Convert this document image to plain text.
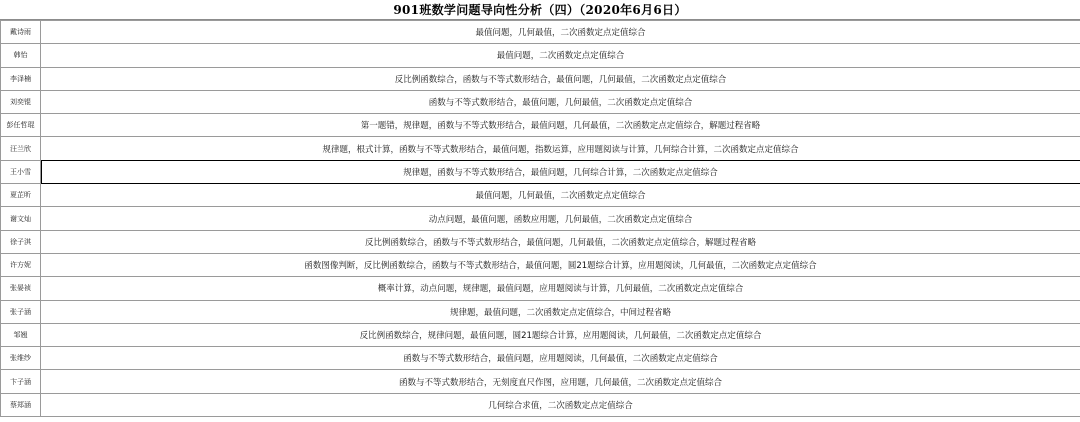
901班数学问题导向性分析（四）（2020年6月6日）
戴诗雨	最值问题，几何最值，二次函数定点定值综合
韩怡	最值问题，二次函数定点定值综合
李泽楠	反比例函数综合，函数与不等式数形结合，最值问题，几何最值，二次函数定点定值综合
刘奕锟	函数与不等式数形结合，最值问题，几何最值，二次函数定点定值综合
彭任哲琨	第一题错，规律题，函数与不等式数形结合，最值问题，几何最值，二次函数定点定值综合，解题过程省略
汪兰欣	规律题，根式计算，函数与不等式数形结合，最值问题，指数运算，应用题阅读与计算，几何综合计算，二次函数定点定值综合
王小雪	规律题，函数与不等式数形结合，最值问题，几何综合计算，二次函数定点定值综合
夏芷昕	最值问题，几何最值，二次函数定点定值综合
谢文灿	动点问题，最值问题，函数应用题，几何最值，二次函数定点定值综合
徐子淇	反比例函数综合，函数与不等式数形结合，最值问题，几何最值，二次函数定点定值综合，解题过程省略
许方妮	函数图像判断，反比例函数综合，函数与不等式数形结合，最值问题，圆21题综合计算，应用题阅读，几何最值，二次函数定点定值综合
张晏祯	概率计算，动点问题，规律题，最值问题，应用题阅读与计算，几何最值，二次函数定点定值综合
张子涵	规律题，最值问题，二次函数定点定值综合，中间过程省略
邹翘	反比例函数综合，规律问题，最值问题，圆21题综合计算，应用题阅读，几何最值，二次函数定点定值综合
张维纱	函数与不等式数形结合，最值问题，应用题阅读，几何最值，二次函数定点定值综合
卞子涵	函数与不等式数形结合，无刻度直尺作图，应用题，几何最值，二次函数定点定值综合
蔡郑涵	几何综合求值，二次函数定点定值综合
